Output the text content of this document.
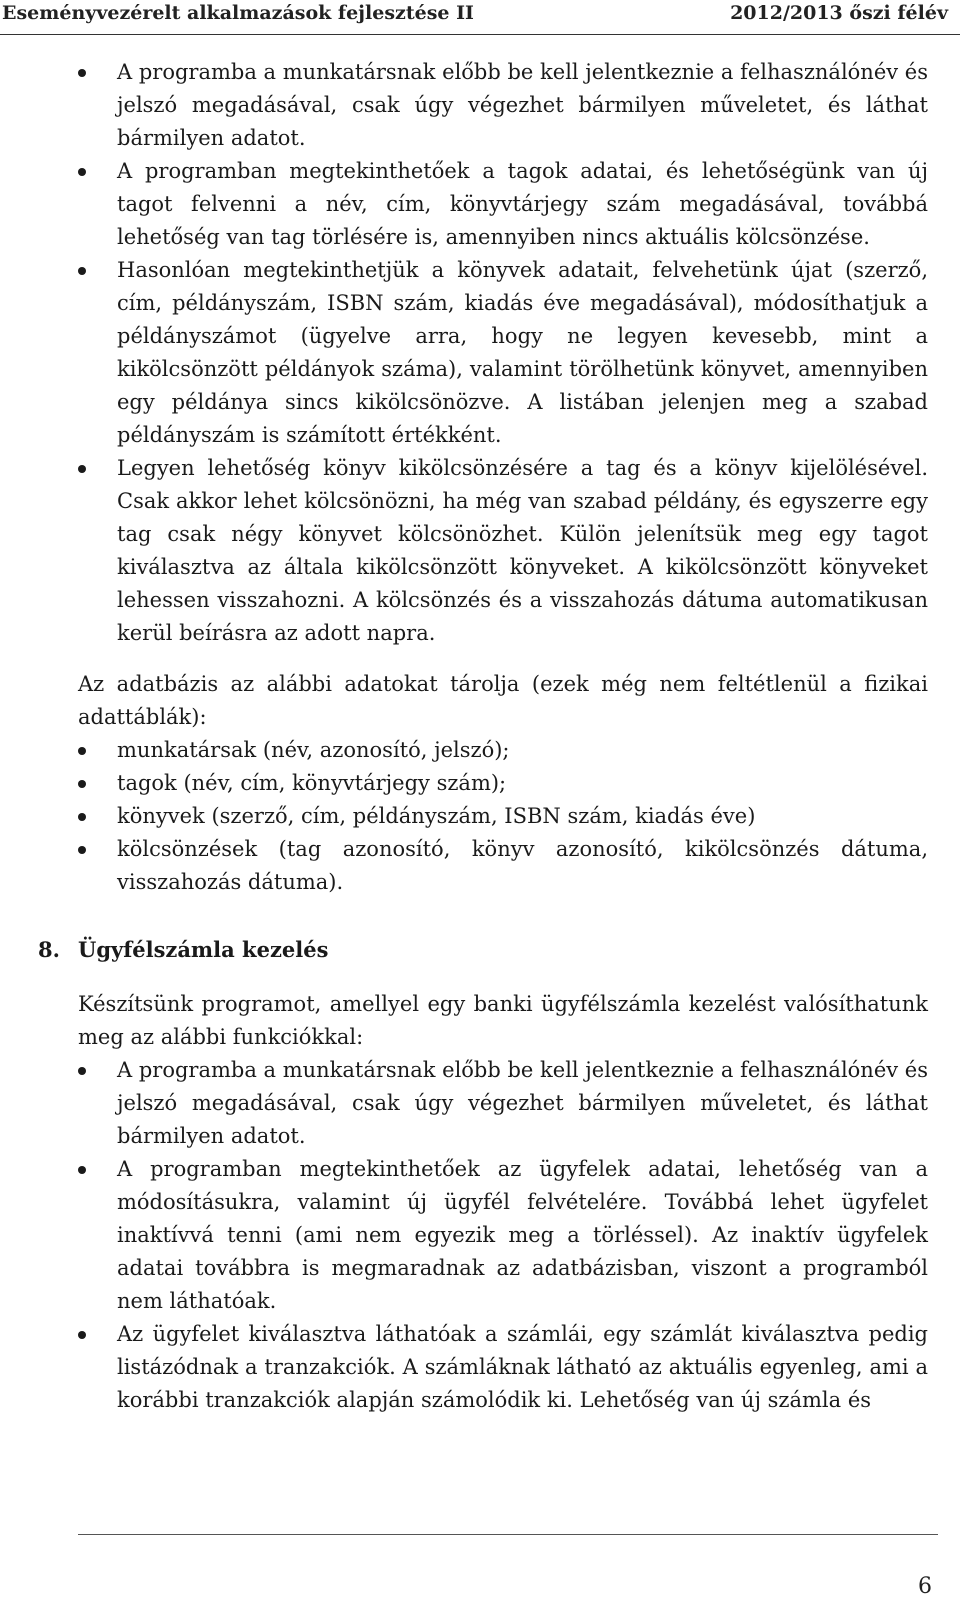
Eseményvezérelt alkalmazások fejlesztése II	2012/2013 őszi félév
A programba a munkatársnak előbb be kell jelentkeznie a felhasználónév és jelszó megadásával, csak úgy végezhet bármilyen műveletet, és láthat bármilyen adatot.
A programban megtekinthetőek a tagok adatai, és lehetőségünk van új tagot felvenni a név, cím, könyvtárjegy szám megadásával, továbbá lehetőség van tag törlésére is, amennyiben nincs aktuális kölcsönzése.
Hasonlóan megtekinthetjük a könyvek adatait, felvehetünk újat (szerző, cím, példányszám, ISBN szám, kiadás éve megadásával), módosíthatjuk a példányszámot (ügyelve arra, hogy ne legyen kevesebb, mint a kikölcsönzött példányok száma), valamint törölhetünk könyvet, amennyiben egy példánya sincs kikölcsönözve. A listában jelenjen meg a szabad példányszám is számított értékként.
Legyen lehetőség könyv kikölcsönzésére a tag és a könyv kijelölésével. Csak akkor lehet kölcsönözni, ha még van szabad példány, és egyszerre egy tag csak négy könyvet kölcsönözhet. Külön jelenítsük meg egy tagot kiválasztva az általa kikölcsönzött könyveket. A kikölcsönzött könyveket lehessen visszahozni. A kölcsönzés és a visszahozás dátuma automatikusan kerül beírásra az adott napra.

Az adatbázis az alábbi adatokat tárolja (ezek még nem feltétlenül a fizikai adattáblák):

munkatársak (név, azonosító, jelszó);
tagok (név, cím, könyvtárjegy szám);
könyvek (szerző, cím, példányszám, ISBN szám, kiadás éve)
kölcsönzések (tag azonosító, könyv azonosító, kikölcsönzés dátuma, visszahozás dátuma).
8. Ügyfélszámla kezelés

Készítsünk programot, amellyel egy banki ügyfélszámla kezelést valósíthatunk meg az alábbi funkciókkal:

A programba a munkatársnak előbb be kell jelentkeznie a felhasználónév és jelszó megadásával, csak úgy végezhet bármilyen műveletet, és láthat bármilyen adatot.
A programban megtekinthetőek az ügyfelek adatai, lehetőség van a módosításukra, valamint új ügyfél felvételére. Továbbá lehet ügyfelet inaktívvá tenni (ami nem egyezik meg a törléssel). Az inaktív ügyfelek adatai továbbra is megmaradnak az adatbázisban, viszont a programból nem láthatóak.
Az ügyfelet kiválasztva láthatóak a számlái, egy számlát kiválasztva pedig listázódnak a tranzakciók. A számláknak látható az aktuális egyenleg, ami a korábbi tranzakciók alapján számolódik ki. Lehetőség van új számla és
6
